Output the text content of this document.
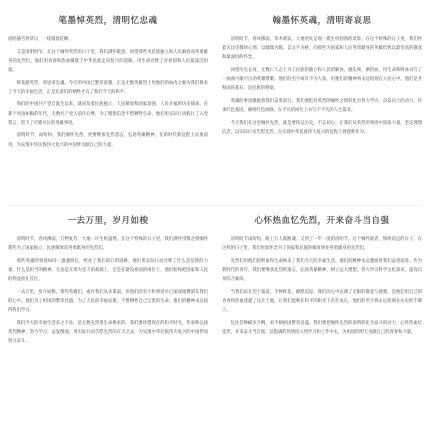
笔墨悼英烈，清明忆忠魂

清明悬雪春草日，一枝缀着花柳。

又是清明时节，在这个缅怀英烈的日子里，我们满怀敬意，回望那些为民族独立和人民解放而英勇献身的先烈们。他们用青春和热血铺就了中华民族走向复兴的道路，用生命诠释了对祖国和人民最深沉的爱。

鲜花献英烈，寄思寄忠魂。今天的中国已繁荣富强，正是无数英雄烈士用他们的血肉之躯为我们换来了今天的幸福生活，正是先辈们的牺牲才有了我们今天的和平。

我们的中国共产党自诞生以来，就肩负着民族独立、人民解放和国家富强、人民幸福的历史使命。在那个风雨如晦的年代，无数共产党人前仆后继，为了理想信念不惜牺牲生命，他们用实际行动践行了入党誓言，留下了可歌可泣的英雄事迹。

清明时节，雨纷纷。我们缅怀先烈，更要继承先烈遗志，弘扬英雄精神，在新时代新征程上奋勇前进，为实现中华民族伟大复兴的中国梦贡献自己的力量。

翰墨怀英魂，清明寄哀思

清明时节，春风拂面，草木萌发。大地处处呈现一派生机勃勃的景象。在这个特殊的日子里，我们怀着无比崇敬的心情，以翰墨为媒，以文字为桥，向那些为国家和人民英勇献身的英雄们致以最崇高的敬意和最深切的怀念。

回望历史长河，无数仁人志士为了民族的独立和人民的解放，抛头颅、洒热血，用生命和鲜血书写了一曲曲可歌可泣的英雄赞歌。他们的名字或许不为人知，但他们的精神将永远铭刻在人民心中。他们是共和国的基石，是民族的脊梁。

英雄的事迹激励着我们奋勇前行。我们要把对英烈的缅怀之情转化为努力学习、奋发向上的动力，传承红色基因，赓续红色血脉，在平凡的岗位上书写不平凡的人生篇章。

今天我们在这里缅怀先烈，就是要铭记历史、不忘初心。让我们从英烈的事迹中汲取力量，坚定理想信念，以实际行动告慰先烈，在实现中华民族伟大复兴的征程上展现新作为。

一去万里，岁月如梭

清明时节，春风拂面，万物复苏，大地一片生机盎然。在这个特殊的日子里，我们满怀崇敬之情缅怀那些为了国家独立、民族解放而英勇献身的先烈们。

那些英雄的事迹如同一盏盏明灯，照亮了我们前行的道路。他们用实际行动诠释了什么是信仰的力量，什么是担当的精神。无论是在烽火连天的战场上，还是在建设祖国的岗位上，他们始终把国家和人民的利益放在首位。

一去万里，岁月如梭。那些英雄们，或许我们从未谋面，但他们的名字和事迹早已深深地镌刻在我们的心中。他们为了祖国的繁荣昌盛，为了人民的幸福安康，不惜牺牲自己宝贵的生命。他们的精神永远值得我们学习。

我们今天的幸福生活来之不易，是无数先烈用生命换来的。我们要珍惜现在的和平时光，传承和弘扬英烈精神，努力学习，奋发图强，用实际行动告慰先烈的在天之灵，为实现中华民族伟大复兴的中国梦而努力奋斗。

心怀热血忆先烈，开来奋斗当自强

清明时节雨纷纷，路上行人欲断魂。又到了一年一度的清明节，这个缅怀逝者、慎终追远的日子。在这样的日子里，我们更加怀念为了国家和民族的解放事业英勇献身的先烈们。

先烈们用他们的鲜血和生命换来了我们今天的幸福生活。他们的精神永远激励着我们奋勇前进。作为新时代的青年，我们要继承先烈的遗志，弘扬英雄精神，树立远大理想，努力学习科学文化知识，提高自身综合素质。

当我们站在烈士墓前，手捧鲜花，静默追思，我们的心中充满了无限的敬意与感激。是他们用自己的青春和热血浇灌了这片土地，让我们能够在和平的阳光下茁壮成长。他们的名字将永远铭刻在历史的丰碑上。

忆往昔峥嵘岁月稠，看今朝祖国繁荣昌盛。我们要把缅怀先烈的深情转化为奋斗的动力，心怀热血忆先烈，开来奋斗当自强，以饱满的热情投入到学习和工作中去，为祖国的明天贡献自己的青春和力量。
